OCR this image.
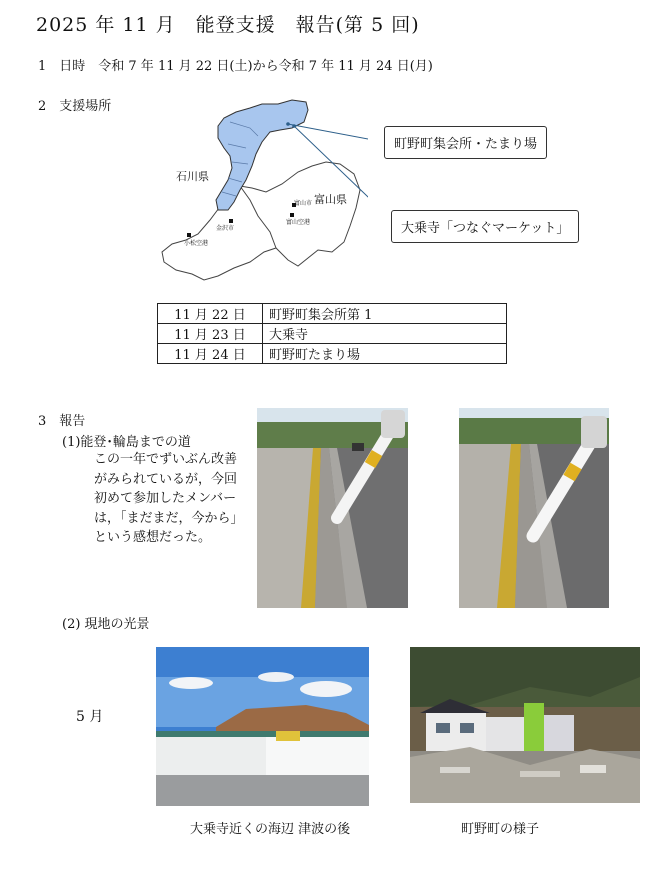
2025 年 11 月　能登支援　報告(第 5 回)
1　日時　令和 7 年 11 月 22 日(土)から令和 7 年 11 月 24 日(月)
2　支援場所
石川県
富山県
富山市
富山空港
金沢市
小松空港
町野町集会所・たまり場
大乗寺「つなぐマーケット」
11 月 22 日	町野町集会所第 1
11 月 23 日	大乗寺
11 月 24 日	町野町たまり場
3　報告
(1)能登･輪島までの道
この一年でずいぶん改善
がみられているが，今回
初めて参加したメンバー
は，｢まだまだ，今から｣
という感想だった。
(2) 現地の光景
5 月
大乗寺近くの海辺 津波の後	町野町の様子
